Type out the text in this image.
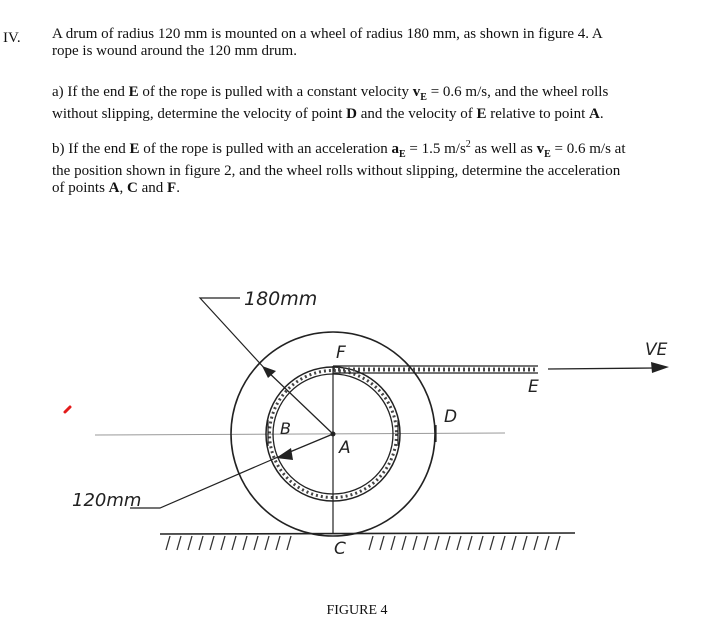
IV. A drum of radius 120 mm is mounted on a wheel of radius 180 mm, as shown in figure 4. A
rope is wound around the 120 mm drum.

a) If the end E of the rope is pulled with a constant velocity $v_E = 0.6$ m/s, and the wheel rolls
without slipping, determine the velocity of point D and the velocity of E relative to point A.

b) If the end E of the rope is pulled with an acceleration $a_E = 1.5$ $m/s^2$ as well as $v_E = 0.6$ m/s at
the position shown in figure 2, and the wheel rolls without slipping, determine the acceleration
of points A, C and F.

180mm
120mm
F
B
A
D
E
C
VE
FIGURE 4
